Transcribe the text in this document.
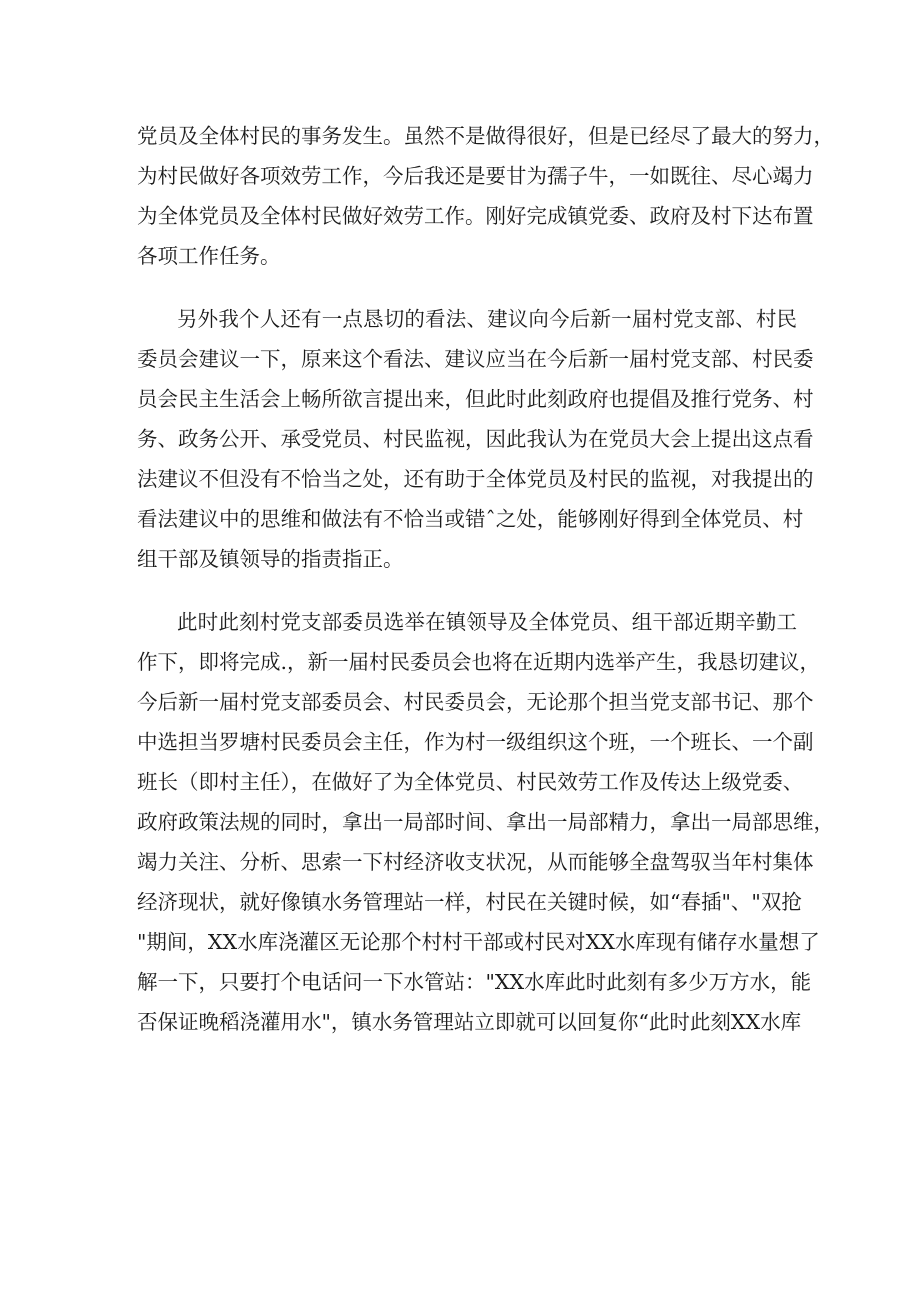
党员及全体村民的事务发生。虽然不是做得很好，但是已经尽了最大的努力，
为村民做好各项效劳工作，今后我还是要甘为孺子牛，一如既往、尽心竭力
为全体党员及全体村民做好效劳工作。刚好完成镇党委、政府及村下达布置
各项工作任务。
另外我个人还有一点恳切的看法、建议向今后新一届村党支部、村民
委员会建议一下，原来这个看法、建议应当在今后新一届村党支部、村民委
员会民主生活会上畅所欲言提出来，但此时此刻政府也提倡及推行党务、村
务、政务公开、承受党员、村民监视，因此我认为在党员大会上提出这点看
法建议不但没有不恰当之处，还有助于全体党员及村民的监视，对我提出的
看法建议中的思维和做法有不恰当或错ˆ之处，能够刚好得到全体党员、村
组干部及镇领导的指责指正。
此时此刻村党支部委员选举在镇领导及全体党员、组干部近期辛勤工
作下，即将完成.，新一届村民委员会也将在近期内选举产生，我恳切建议，
今后新一届村党支部委员会、村民委员会，无论那个担当党支部书记、那个
中选担当罗塘村民委员会主任，作为村一级组织这个班，一个班长、一个副
班长（即村主任），在做好了为全体党员、村民效劳工作及传达上级党委、
政府政策法规的同时，拿出一局部时间、拿出一局部精力，拿出一局部思维，
竭力关注、分析、思索一下村经济收支状况，从而能够全盘驾驭当年村集体
经济现状，就好像镇水务管理站一样，村民在关键时候，如“春插"、"双抢
"期间，XX水库浇灌区无论那个村村干部或村民对XX水库现有储存水量想了
解一下，只要打个电话问一下水管站："XX水库此时此刻有多少万方水，能
否保证晚稻浇灌用水"，镇水务管理站立即就可以回复你“此时此刻XX水库
